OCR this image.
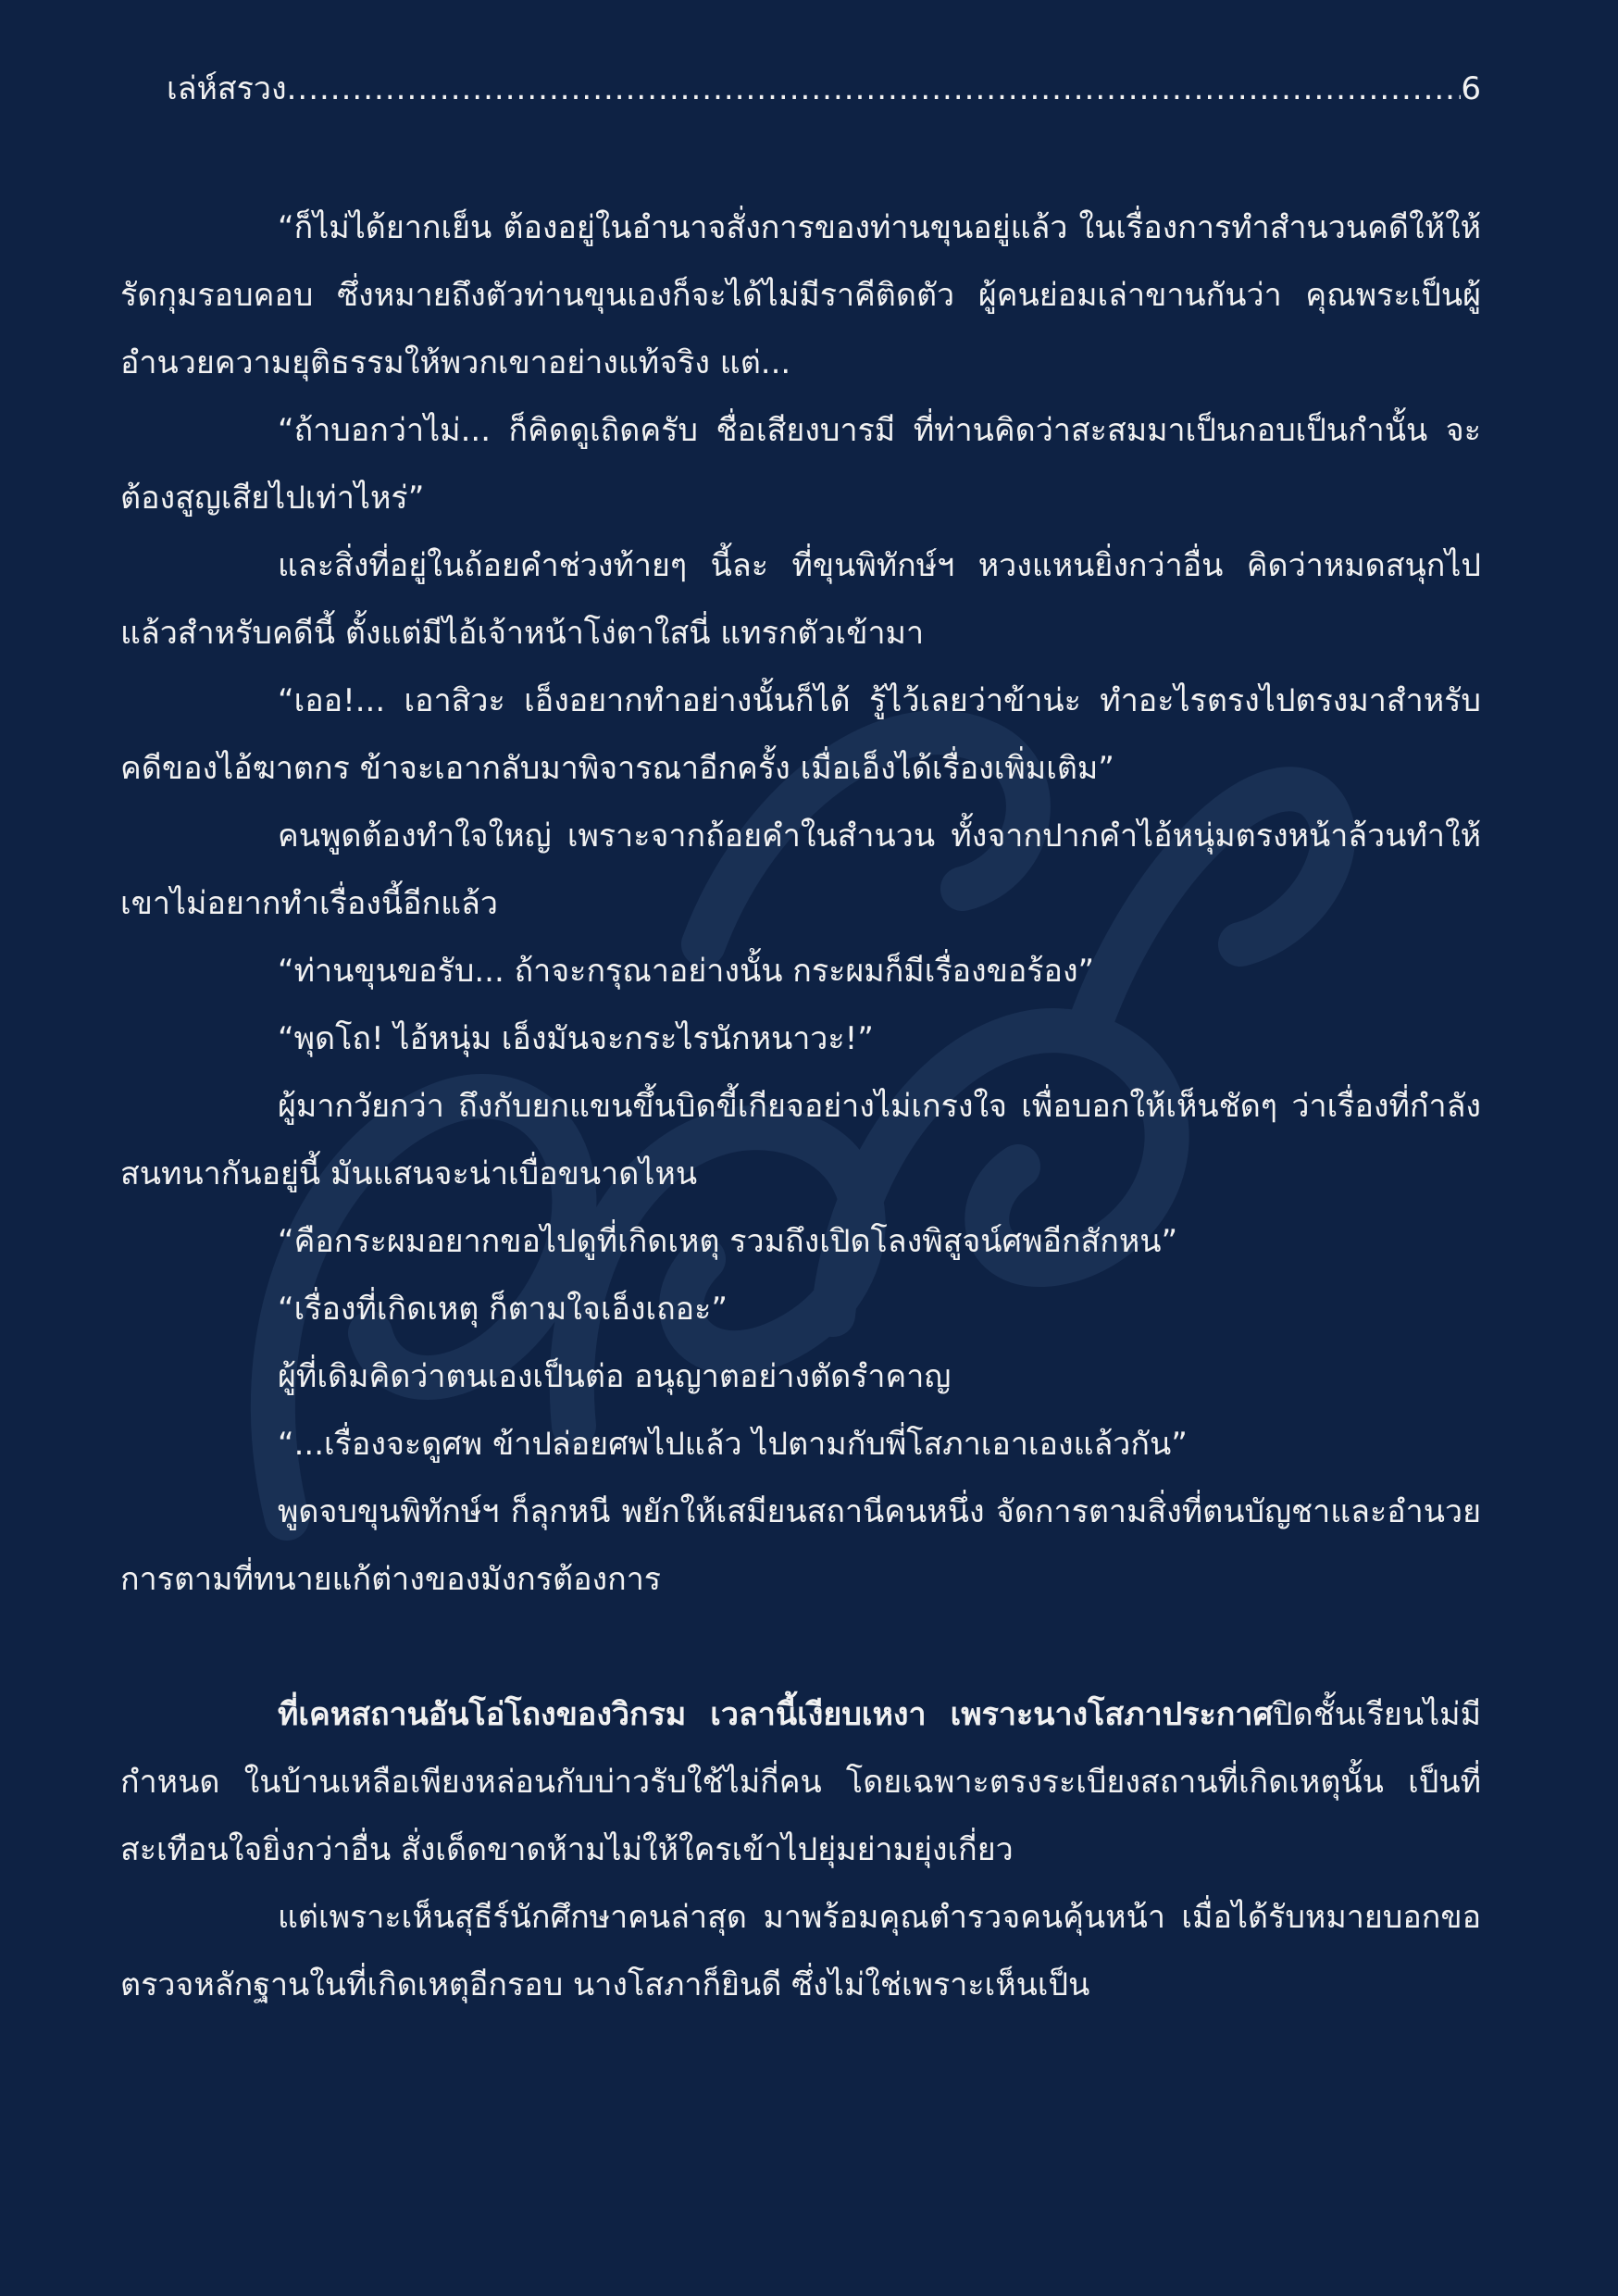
เล่ห์สรวง
.....	6

“ก็ไม่ได้ยากเย็น ต้องอยู่ในอำนาจสั่งการของท่านขุนอยู่แล้ว ในเรื่องการทำสำนวนคดีให้ให้รัดกุมรอบคอบ ซึ่งหมายถึงตัวท่านขุนเองก็จะได้ไม่มีราคีติดตัว ผู้คนย่อมเล่าขานกันว่า คุณพระเป็นผู้อำนวยความยุติธรรมให้พวกเขาอย่างแท้จริง แต่...

“ถ้าบอกว่าไม่... ก็คิดดูเถิดครับ ชื่อเสียงบารมี ที่ท่านคิดว่าสะสมมาเป็นกอบเป็นกำนั้น จะต้องสูญเสียไปเท่าไหร่”

และสิ่งที่อยู่ในถ้อยคำช่วงท้ายๆ นี้ละ ที่ขุนพิทักษ์ฯ หวงแหนยิ่งกว่าอื่น คิดว่าหมดสนุกไปแล้วสำหรับคดีนี้ ตั้งแต่มีไอ้เจ้าหน้าโง่ตาใสนี่ แทรกตัวเข้ามา

“เออ!... เอาสิวะ เอ็งอยากทำอย่างนั้นก็ได้ รู้ไว้เลยว่าข้าน่ะ ทำอะไรตรงไปตรงมาสำหรับคดีของไอ้ฆาตกร ข้าจะเอากลับมาพิจารณาอีกครั้ง เมื่อเอ็งได้เรื่องเพิ่มเติม”

คนพูดต้องทำใจใหญ่ เพราะจากถ้อยคำในสำนวน ทั้งจากปากคำไอ้หนุ่มตรงหน้าล้วนทำให้เขาไม่อยากทำเรื่องนี้อีกแล้ว

“ท่านขุนขอรับ... ถ้าจะกรุณาอย่างนั้น กระผมก็มีเรื่องขอร้อง”

“พุดโถ! ไอ้หนุ่ม เอ็งมันจะกระไรนักหนาวะ!”

ผู้มากวัยกว่า ถึงกับยกแขนขึ้นบิดขี้เกียจอย่างไม่เกรงใจ เพื่อบอกให้เห็นชัดๆ ว่าเรื่องที่กำลังสนทนากันอยู่นี้ มันแสนจะน่าเบื่อขนาดไหน

“คือกระผมอยากขอไปดูที่เกิดเหตุ รวมถึงเปิดโลงพิสูจน์ศพอีกสักหน”

“เรื่องที่เกิดเหตุ ก็ตามใจเอ็งเถอะ”

ผู้ที่เดิมคิดว่าตนเองเป็นต่อ อนุญาตอย่างตัดรำคาญ

“...เรื่องจะดูศพ ข้าปล่อยศพไปแล้ว ไปตามกับพี่โสภาเอาเองแล้วกัน”

พูดจบขุนพิทักษ์ฯ ก็ลุกหนี พยักให้เสมียนสถานีคนหนึ่ง จัดการตามสิ่งที่ตนบัญชาและอำนวยการตามที่ทนายแก้ต่างของมังกรต้องการ

ที่เคหสถานอันโอ่โถงของวิกรม เวลานี้เงียบเหงา เพราะนางโสภาประกาศปิดชั้นเรียนไม่มีกำหนด ในบ้านเหลือเพียงหล่อนกับบ่าวรับใช้ไม่กี่คน โดยเฉพาะตรงระเบียงสถานที่เกิดเหตุนั้น เป็นที่สะเทือนใจยิ่งกว่าอื่น สั่งเด็ดขาดห้ามไม่ให้ใครเข้าไปยุ่มย่ามยุ่งเกี่ยว

แต่เพราะเห็นสุธีร์นักศึกษาคนล่าสุด มาพร้อมคุณตำรวจคนคุ้นหน้า เมื่อได้รับหมายบอกขอตรวจหลักฐานในที่เกิดเหตุอีกรอบ นางโสภาก็ยินดี ซึ่งไม่ใช่เพราะเห็นเป็น
